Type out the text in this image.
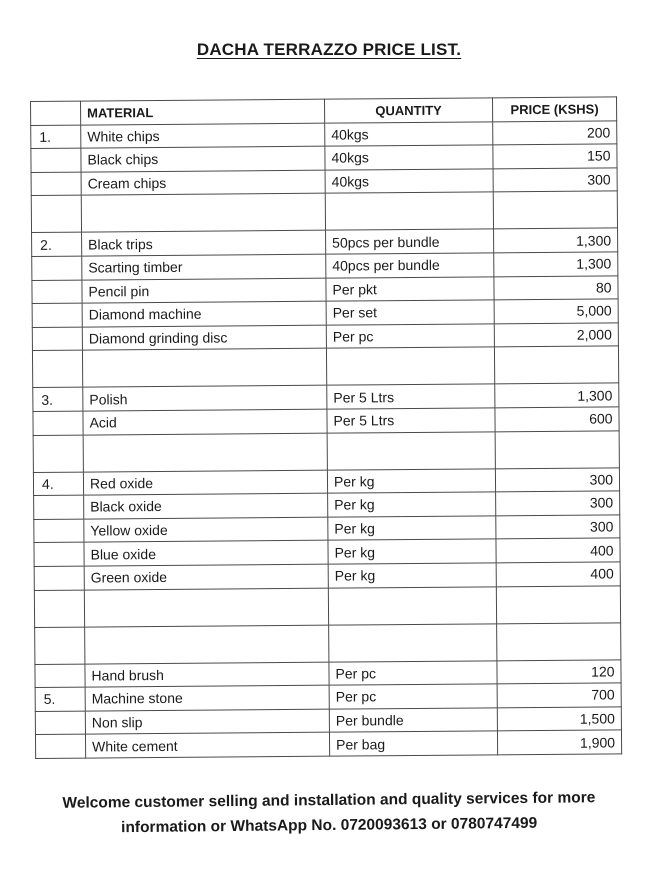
DACHA TERRAZZO PRICE LIST.
	MATERIAL	QUANTITY	PRICE (KSHS)
1.	White chips	40kgs	200
	Black chips	40kgs	150
	Cream chips	40kgs	300

2.	Black trips	50pcs per bundle	1,300
	Scarting timber	40pcs per bundle	1,300
	Pencil pin	Per pkt	80
	Diamond machine	Per set	5,000
	Diamond grinding disc	Per pc	2,000

3.	Polish	Per 5 Ltrs	1,300
	Acid	Per 5 Ltrs	600

4.	Red oxide	Per kg	300
	Black oxide	Per kg	300
	Yellow oxide	Per kg	300
	Blue oxide	Per kg	400
	Green oxide	Per kg	400

	Hand brush	Per pc	120
5.	Machine stone	Per pc	700
	Non slip	Per bundle	1,500
	White cement	Per bag	1,900
Welcome customer selling and installation and quality services for more
information or WhatsApp No. 0720093613 or 0780747499
